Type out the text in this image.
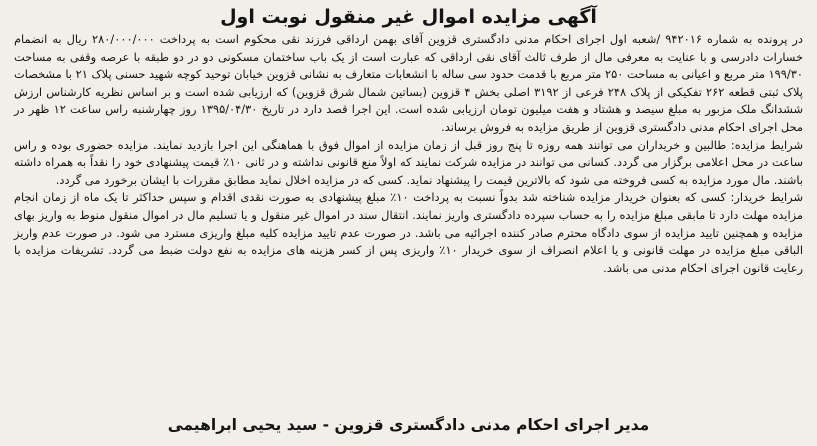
آگهی مزایده اموال غیر منقول نوبت اول

در پرونده به شماره ۹۴۲۰۱۶ /شعبه اول اجرای احکام مدنی دادگستری قزوین آقای بهمن ارداقی فرزند نقی محکوم است به پرداخت ۲۸۰/۰۰۰/۰۰۰ ریال به انضمام خسارات دادرسی و با عنایت به معرفی مال از طرف ثالث آقای نقی ارداقی که عبارت است از یک باب ساختمان مسکونی دو در دو طبقه با عرصه وقفی به مساحت ۱۹۹/۳۰ متر مربع و اعیانی به مساحت ۲۵۰ متر مربع با قدمت حدود سی ساله با انشعابات متعارف به نشانی قزوین خیابان توحید کوچه شهید حسنی پلاک ۲۱ با مشخصات پلاک ثبتی قطعه ۲۶۲ تفکیکی از پلاک ۲۴۸ فرعی از ۳۱۹۲ اصلی بخش ۴ قزوین (بساتین شمال شرق قزوین) که ارزیابی شده است و بر اساس نظریه کارشناس ارزش ششدانگ ملک مزبور به مبلغ سیصد و هشتاد و هفت میلیون تومان ارزیابی شده است. این اجرا قصد دارد در تاریخ ۱۳۹۵/۰۴/۳۰ روز چهارشنبه راس ساعت ۱۲ ظهر در محل اجرای احکام مدنی دادگستری قزوین از طریق مزایده به فروش برساند.

شرایط مزایده: طالبین و خریداران می توانند همه روزه تا پنج روز قبل از زمان مزایده از اموال فوق با هماهنگی این اجرا بازدید نمایند. مزایده حضوری بوده و راس ساعت در محل اعلامی برگزار می گردد. کسانی می توانند در مزایده شرکت نمایند که اولاً منع قانونی نداشته و در ثانی ۱۰٪ قیمت پیشنهادی خود را نقداً به همراه داشته باشند. مال مورد مزایده به کسی فروخته می شود که بالاترین قیمت را پیشنهاد نماید. کسی که در مزایده اخلال نماید مطابق مقررات با ایشان برخورد می گردد.

شرایط خریدار: کسی که بعنوان خریدار مزایده شناخته شد بدواً نسبت به پرداخت ۱۰٪ مبلغ پیشنهادی به صورت نقدی اقدام و سپس حداکثر تا یک ماه از زمان انجام مزایده مهلت دارد تا مابقی مبلغ مزایده را به حساب سپرده دادگستری واریز نمایند. انتقال سند در اموال غیر منقول و یا تسلیم مال در اموال منقول منوط به واریز بهای مزایده و همچنین تایید مزایده از سوی دادگاه محترم صادر کننده اجرائیه می باشد. در صورت عدم تایید مزایده کلیه مبلغ واریزی مسترد می شود. در صورت عدم واریز الباقی مبلغ مزایده در مهلت قانونی و یا اعلام انصراف از سوی خریدار ۱۰٪ واریزی پس از کسر هزینه های مزایده به نفع دولت ضبط می گردد. تشریفات مزایده با رعایت قانون اجرای احکام مدنی می باشد.

مدیر اجرای احکام مدنی دادگستری قزوین - سید یحیی ابراهیمی
